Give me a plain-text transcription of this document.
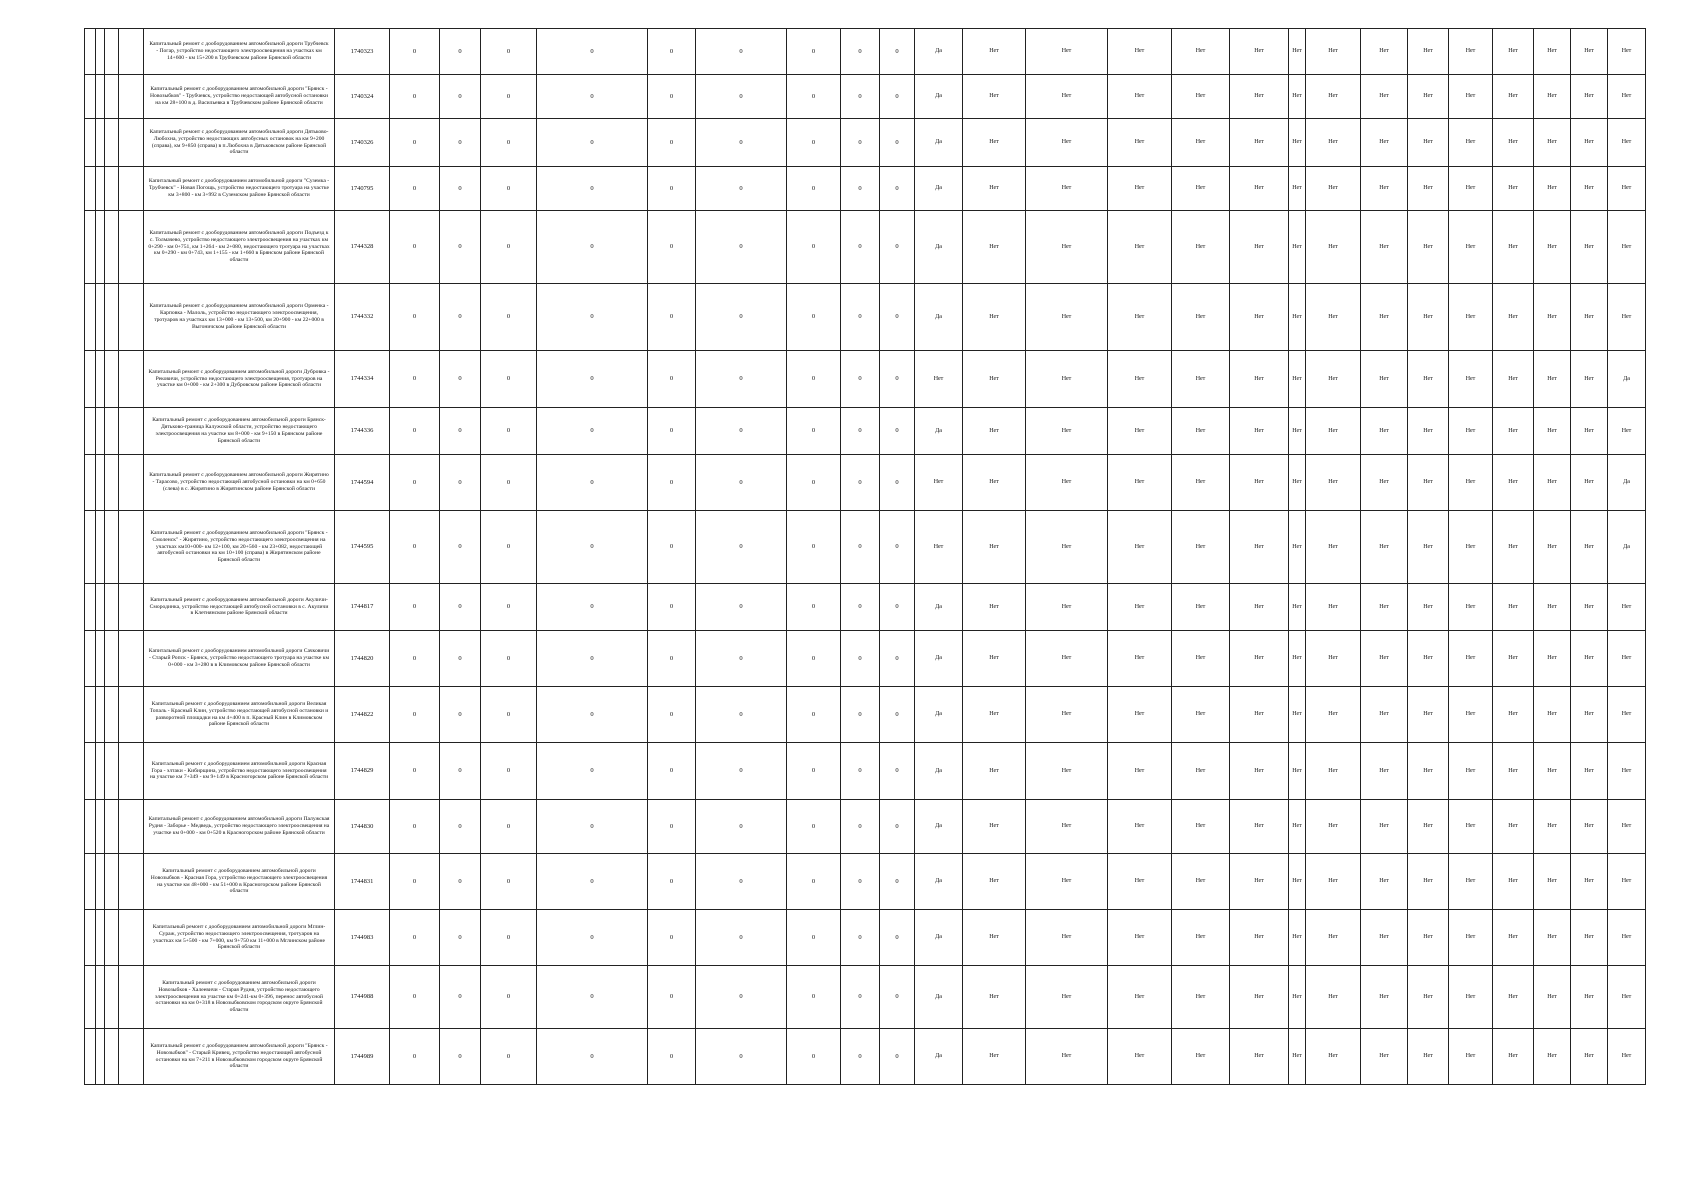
				Капитальный ремонт с дооборудованием автомобильной дороги Трубчевск - Погар, устройство недостающего электроосвещения на участках км 14+600 - км 15+200 в Трубчевском районе Брянской области	1740323	0	0	0	0	0	0	0	0	0	Да	Нет	Нет	Нет	Нет	Нет	Нет	Нет	Нет	Нет	Нет	Нет	Нет	Нет	Нет
				Капитальный ремонт с дооборудованием автомобильной дороги "Брянск - Новозыбков" - Трубчевск, устройство недостающей автобусной остановки на км 28+100 в д. Васильевка в Трубчевском районе Брянской области	1740324	0	0	0	0	0	0	0	0	0	Да	Нет	Нет	Нет	Нет	Нет	Нет	Нет	Нет	Нет	Нет	Нет	Нет	Нет	Нет
				Капитальный ремонт с дооборудованием автомобильной дороги Дятьково-Любохна, устройство недостающих автобусных остановок на км 9+200 (справа), км 9+850 (справа) в п.Любохна в Дятьковском районе Брянской области	1740326	0	0	0	0	0	0	0	0	0	Да	Нет	Нет	Нет	Нет	Нет	Нет	Нет	Нет	Нет	Нет	Нет	Нет	Нет	Нет
				Капитальный ремонт с дооборудованием автомобильной дороги "Суземка - Трубчевск" - Новая Погощь, устройство недостающего тротуара на участке км 3+800 - км 3+992 в Суземском районе Брянской области	1740795	0	0	0	0	0	0	0	0	0	Да	Нет	Нет	Нет	Нет	Нет	Нет	Нет	Нет	Нет	Нет	Нет	Нет	Нет	Нет
				Капитальный ремонт с дооборудованием автомобильной дороги Подъезд к с. Толмачево, устройство недостающего электроосвещения на участках км 0+290 - км 0+751, км 1+264 - км 2+080, недостающего тротуара на участках км 0+290 - км 0+743, км 1+155 - км 1+660 в Брянском районе Брянской области	1744328	0	0	0	0	0	0	0	0	0	Да	Нет	Нет	Нет	Нет	Нет	Нет	Нет	Нет	Нет	Нет	Нет	Нет	Нет	Нет
				Капитальный ремонт с дооборудованием автомобильной дороги Орменка - Карповка - Малоль, устройство недостающего электроосвещения, тротуаров на участках км 13+000 - км 13+500, км 20+900 - км 22+000 в Выгоничском районе Брянской области	1744332	0	0	0	0	0	0	0	0	0	Да	Нет	Нет	Нет	Нет	Нет	Нет	Нет	Нет	Нет	Нет	Нет	Нет	Нет	Нет
				Капитальный ремонт с дооборудованием автомобильной дороги Дубровка - Рековичи, устройство недостающего электроосвещения, тротуаров на участке км 0+000 - км 2+300 в Дубровском районе Брянской области	1744334	0	0	0	0	0	0	0	0	0	Нет	Нет	Нет	Нет	Нет	Нет	Нет	Нет	Нет	Нет	Нет	Нет	Нет	Нет	Да
				Капитальный ремонт с дооборудованием автомобильной дороги Брянск-Дятьково-граница Калужской области, устройство недостающего электроосвещения на участке км 8+000 - км 9+150 в Брянском районе Брянской области	1744336	0	0	0	0	0	0	0	0	0	Да	Нет	Нет	Нет	Нет	Нет	Нет	Нет	Нет	Нет	Нет	Нет	Нет	Нет	Нет
				Капитальный ремонт с дооборудованием автомобильной дороги Жирятино - Тарасово, устройство недостающей автобусной остановки на км 0+650 (слева) в с. Жирятино в Жирятинском районе Брянской области	1744594	0	0	0	0	0	0	0	0	0	Нет	Нет	Нет	Нет	Нет	Нет	Нет	Нет	Нет	Нет	Нет	Нет	Нет	Нет	Да
				Капитальный ремонт с дооборудованием автомобильной дороги "Брянск - Смоленск" - Жирятино, устройство недостающего электроосвещения на участках км10+000- км 12+100, км 20+560 - км 23+082, недостающей автобусной остановки на км 10+100 (справа) в Жирятинском районе Брянской области	1744595	0	0	0	0	0	0	0	0	0	Нет	Нет	Нет	Нет	Нет	Нет	Нет	Нет	Нет	Нет	Нет	Нет	Нет	Нет	Да
				Капитальный ремонт с дооборудованием автомобильной дороги Акуличи-Смородинка, устройство недостающей автобусной остановки в с. Акуличи в Клетнянском районе Брянской области	1744817	0	0	0	0	0	0	0	0	0	Да	Нет	Нет	Нет	Нет	Нет	Нет	Нет	Нет	Нет	Нет	Нет	Нет	Нет	Нет
				Капитальный ремонт с дооборудованием автомобильной дороги Сачковичи - Старый Ропск - Брянск, устройство недостающего тротуара на участке км 0+000 - км 3+280 в в Климовском районе Брянской области	1744820	0	0	0	0	0	0	0	0	0	Да	Нет	Нет	Нет	Нет	Нет	Нет	Нет	Нет	Нет	Нет	Нет	Нет	Нет	Нет
				Капитальный ремонт с дооборудованием автомобильной дороги Великая Топаль - Красный Клин, устройство недостающей автобусной остановки и разворотной площадки на км 4+400 в п. Красный Клин в Климовском районе Брянской области	1744822	0	0	0	0	0	0	0	0	0	Да	Нет	Нет	Нет	Нет	Нет	Нет	Нет	Нет	Нет	Нет	Нет	Нет	Нет	Нет
				Капитальный ремонт с дооборудованием автомобильной дороги Красная Гора - элтаки - Кибирщина, устройство недостающего электроосвещения на участке км 7+349 - км 9+149 в Красногорском районе Брянской области	1744829	0	0	0	0	0	0	0	0	0	Да	Нет	Нет	Нет	Нет	Нет	Нет	Нет	Нет	Нет	Нет	Нет	Нет	Нет	Нет
				Капитальный ремонт с дооборудованием автомобильной дороги Палужская Рудня - Заборье - Медведь, устройство недостающего электроосвещения на участке км 0+000 - км 0+520 в Красногорском районе Брянской области	1744830	0	0	0	0	0	0	0	0	0	Да	Нет	Нет	Нет	Нет	Нет	Нет	Нет	Нет	Нет	Нет	Нет	Нет	Нет	Нет
				Капитальный ремонт с дооборудованием автомобильной дороги Новозыбков - Красная Гора, устройство недостающего электроосвещения на участке км 48+000 - км 51+000 в Красногорском районе Брянской области	1744831	0	0	0	0	0	0	0	0	0	Да	Нет	Нет	Нет	Нет	Нет	Нет	Нет	Нет	Нет	Нет	Нет	Нет	Нет	Нет
				Капитальный ремонт с дооборудованием автомобильной дороги Мглин-Сураж, устройство недостающего электроосвещения, тротуаров на участках км 5+500 - км 7+000, км 9+750 км 11+000 в Мглинском районе Брянской области	1744983	0	0	0	0	0	0	0	0	0	Да	Нет	Нет	Нет	Нет	Нет	Нет	Нет	Нет	Нет	Нет	Нет	Нет	Нет	Нет
				Капитальный ремонт с дооборудованием автомобильной дороги Новозыбков - Халеевичи - Старая Рудня, устройство недостающего электроосвещения на участке км 0+241-км 0+396, перенос автобусной остановки на км 0+318 в Новозыбковском городском округе Брянской области	1744988	0	0	0	0	0	0	0	0	0	Да	Нет	Нет	Нет	Нет	Нет	Нет	Нет	Нет	Нет	Нет	Нет	Нет	Нет	Нет
				Капитальный ремонт с дооборудованием автомобильной дороги "Брянск - Новозыбков" - Старый Кривец, устройство недостающей автобусной остановки на км 7+211 в Новозыбковском городском округе Брянской области	1744989	0	0	0	0	0	0	0	0	0	Да	Нет	Нет	Нет	Нет	Нет	Нет	Нет	Нет	Нет	Нет	Нет	Нет	Нет	Нет
